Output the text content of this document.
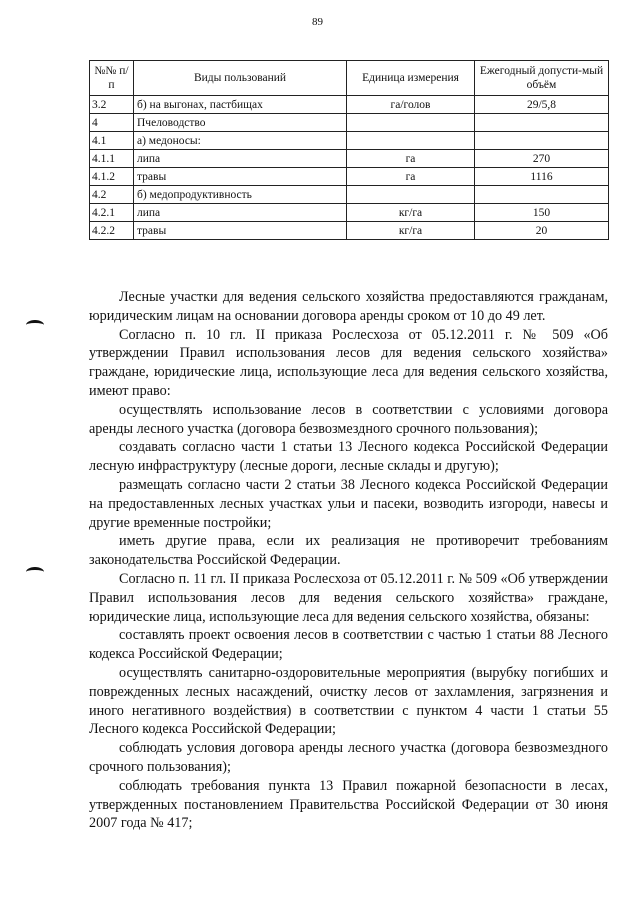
89
№№ п/п	Виды пользований	Единица измерения	Ежегодный допусти-мый объём
3.2	б) на выгонах, пастбищах	га/голов	29/5,8
4	Пчеловодство		
4.1	а) медоносы:		
4.1.1	липа	га	270
4.1.2	травы	га	1116
4.2	б) медопродуктивность		
4.2.1	липа	кг/га	150
4.2.2	травы	кг/га	20

Лесные участки для ведения сельского хозяйства предоставляются гражданам, юридическим лицам на основании договора аренды сроком от 10 до 49 лет.

Согласно п. 10 гл. II приказа Рослесхоза от 05.12.2011 г. № 509 «Об утверждении Правил использования лесов для ведения сельского хозяйства» граждане, юридические лица, использующие леса для ведения сельского хозяйства, имеют право:

осуществлять использование лесов в соответствии с условиями договора аренды лесного участка (договора безвозмездного срочного пользования);

создавать согласно части 1 статьи 13 Лесного кодекса Российской Федерации лесную инфраструктуру (лесные дороги, лесные склады и другую);

размещать согласно части 2 статьи 38 Лесного кодекса Российской Федерации на предоставленных лесных участках ульи и пасеки, возводить изгороди, навесы и другие временные постройки;

иметь другие права, если их реализация не противоречит требованиям законодательства Российской Федерации.

Согласно п. 11 гл. II приказа Рослесхоза от 05.12.2011 г. № 509 «Об утверждении Правил использования лесов для ведения сельского хозяйства» граждане, юридические лица, использующие леса для ведения сельского хозяйства, обязаны:

составлять проект освоения лесов в соответствии с частью 1 статьи 88 Лесного кодекса Российской Федерации;

осуществлять санитарно-оздоровительные мероприятия (вырубку погибших и поврежденных лесных насаждений, очистку лесов от захламления, загрязнения и иного негативного воздействия) в соответствии с пунктом 4 части 1 статьи 55 Лесного кодекса Российской Федерации;

соблюдать условия договора аренды лесного участка (договора безвозмездного срочного пользования);

соблюдать требования пункта 13 Правил пожарной безопасности в лесах, утвержденных постановлением Правительства Российской Федерации от 30 июня 2007 года № 417;
